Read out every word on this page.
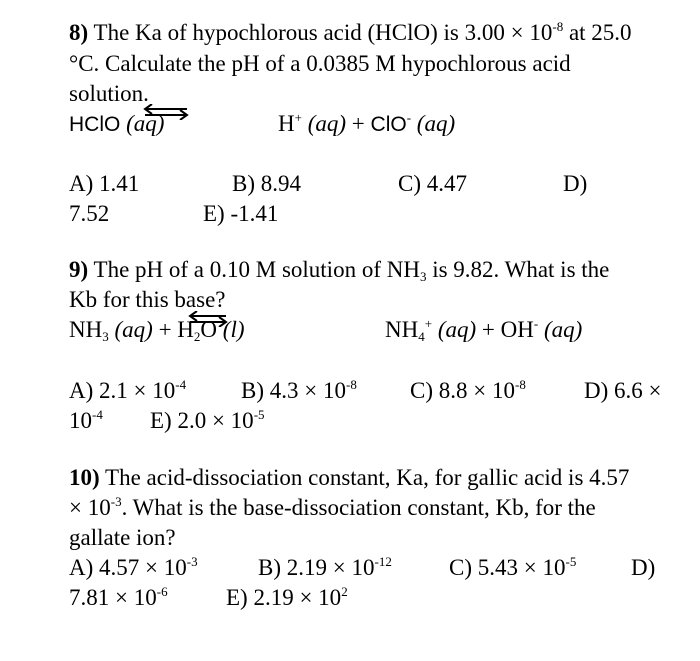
8) The Ka of hypochlorous acid (HClO) is $3.00 \times 10^{-8}$ at 25.0
°C. Calculate the pH of a 0.0385 M hypochlorous acid
solution.
HClO (aq)	H+ (aq) + ClO- (aq)
A) 1.41	B) 8.94	C) 4.47	D)
7.52	E) -1.41
9) The pH of a 0.10 M solution of $NH_3$ is 9.82. What is the
Kb for this base?
$NH_3$ $(aq) + H_2O$ (l)	$NH_4^+$ (aq) + OH- (aq)
A) $2.1 \times 10^{-4}$ B) $4.3 \times 10^{-8}$ C) $8.8 \times 10^{-8}$	D) 6.6 ×
$10^{-4}$ E) $2.0 \times 10^{-5}$
10) The acid-dissociation constant, Ka, for gallic acid is 4.57
× $10^{-3}$. What is the base-dissociation constant, Kb, for the
gallate ion?
A) $4.57 \times 10^{-3}$	B) $2.19 \times 10^{-12}$ C) $5.43 \times 10^{-5}$ D)
$7.81 \times 10^{-6}$	E) $2.19 \times 10^2$
